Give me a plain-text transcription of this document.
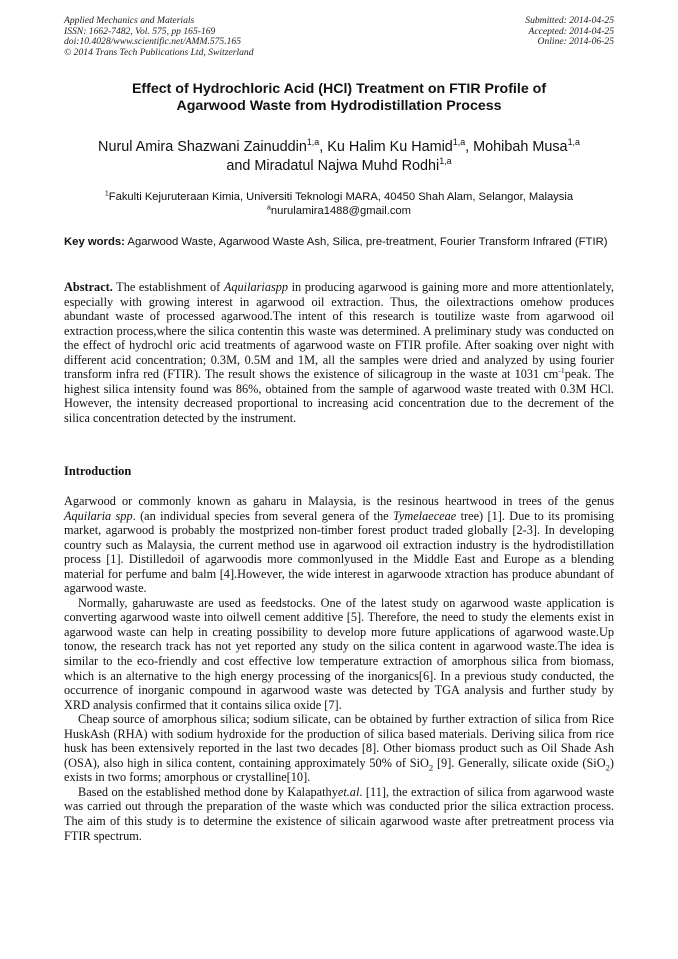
Applied Mechanics and Materials
ISSN: 1662-7482, Vol. 575, pp 165-169
doi:10.4028/www.scientific.net/AMM.575.165
© 2014 Trans Tech Publications Ltd, Switzerland
Submitted: 2014-04-25
Accepted: 2014-04-25
Online: 2014-06-25
Effect of Hydrochloric Acid (HCl) Treatment on FTIR Profile of
Agarwood Waste from Hydrodistillation Process
Nurul Amira Shazwani Zainuddin$^{1,a}$, Ku Halim Ku Hamid$^{1,a}$, Mohibah Musa$^{1,a}$
and Miradatul Najwa Muhd Rodhi$^{1,a}$
$^1$Fakulti Kejuruteraan Kimia, Universiti Teknologi MARA, 40450 Shah Alam, Selangor, Malaysia
$^a$nurulamira1488@gmail.com
Key words: Agarwood Waste, Agarwood Waste Ash, Silica, pre-treatment, Fourier Transform Infrared (FTIR)
Abstract. The establishment of Aquilariaspp in producing agarwood is gaining more and more attentionlately, especially with growing interest in agarwood oil extraction. Thus, the oilextractions omehow produces abundant waste of processed agarwood.The intent of this research is toutilize waste from agarwood oil extraction process,where the silica contentin this waste was determined. A preliminary study was conducted on the effect of hydrochl oric acid treatments of agarwood waste on FTIR profile. After soaking over night with different acid concentration; 0.3M, 0.5M and 1M, all the samples were dried and analyzed by using fourier transform infra red (FTIR). The result shows the existence of silicagroup in the waste at 1031 $cm^{-1}peak$. The highest silica intensity found was 86%, obtained from the sample of agarwood waste treated with 0.3M HCl. However, the intensity decreased proportional to increasing acid concentration due to the decrement of the silica concentration detected by the instrument.
Introduction

Agarwood or commonly known as gaharu in Malaysia, is the resinous heartwood in trees of the genus Aquilaria spp. (an individual species from several genera of the Tymelaeceae tree) [1]. Due to its promising market, agarwood is probably the mostprized non-timber forest product traded globally [2-3]. In developing country such as Malaysia, the current method use in agarwood oil extraction industry is the hydrodistillation process [1]. Distilledoil of agarwoodis more commonlyused in the Middle East and Europe as a blending material for perfume and balm [4].However, the wide interest in agarwoode xtraction has produce abundant of agarwood waste.

Normally, gaharuwaste are used as feedstocks. One of the latest study on agarwood waste application is converting agarwood waste into oilwell cement additive [5]. Therefore, the need to study the elements exist in agarwood waste can help in creating possibility to develop more future applications of agarwood waste.Up tonow, the research track has not yet reported any study on the silica content in agarwood waste.The idea is similar to the eco-friendly and cost effective low temperature extraction of amorphous silica from biomass, which is an alternative to the high energy processing of the inorganics[6]. In a previous study conducted, the occurrence of inorganic compound in agarwood waste was detected by TGA analysis and further study by XRD analysis confirmed that it contains silica oxide [7].

Cheap source of amorphous silica; sodium silicate, can be obtained by further extraction of silica from Rice HuskAsh (RHA) with sodium hydroxide for the production of silica based materials. Deriving silica from rice husk has been extensively reported in the last two decades [8]. Other biomass product such as Oil Shade Ash (OSA), also high in silica content, containing approximately 50% of SiO$_2$ [9]. Generally, silicate oxide (SiO$_2$) exists in two forms; amorphous or crystalline[10].

Based on the established method done by Kalapathyet.al. [11], the extraction of silica from agarwood waste was carried out through the preparation of the waste which was conducted prior the silica extraction process. The aim of this study is to determine the existence of silicain agarwood waste after pretreatment process via FTIR spectrum.
